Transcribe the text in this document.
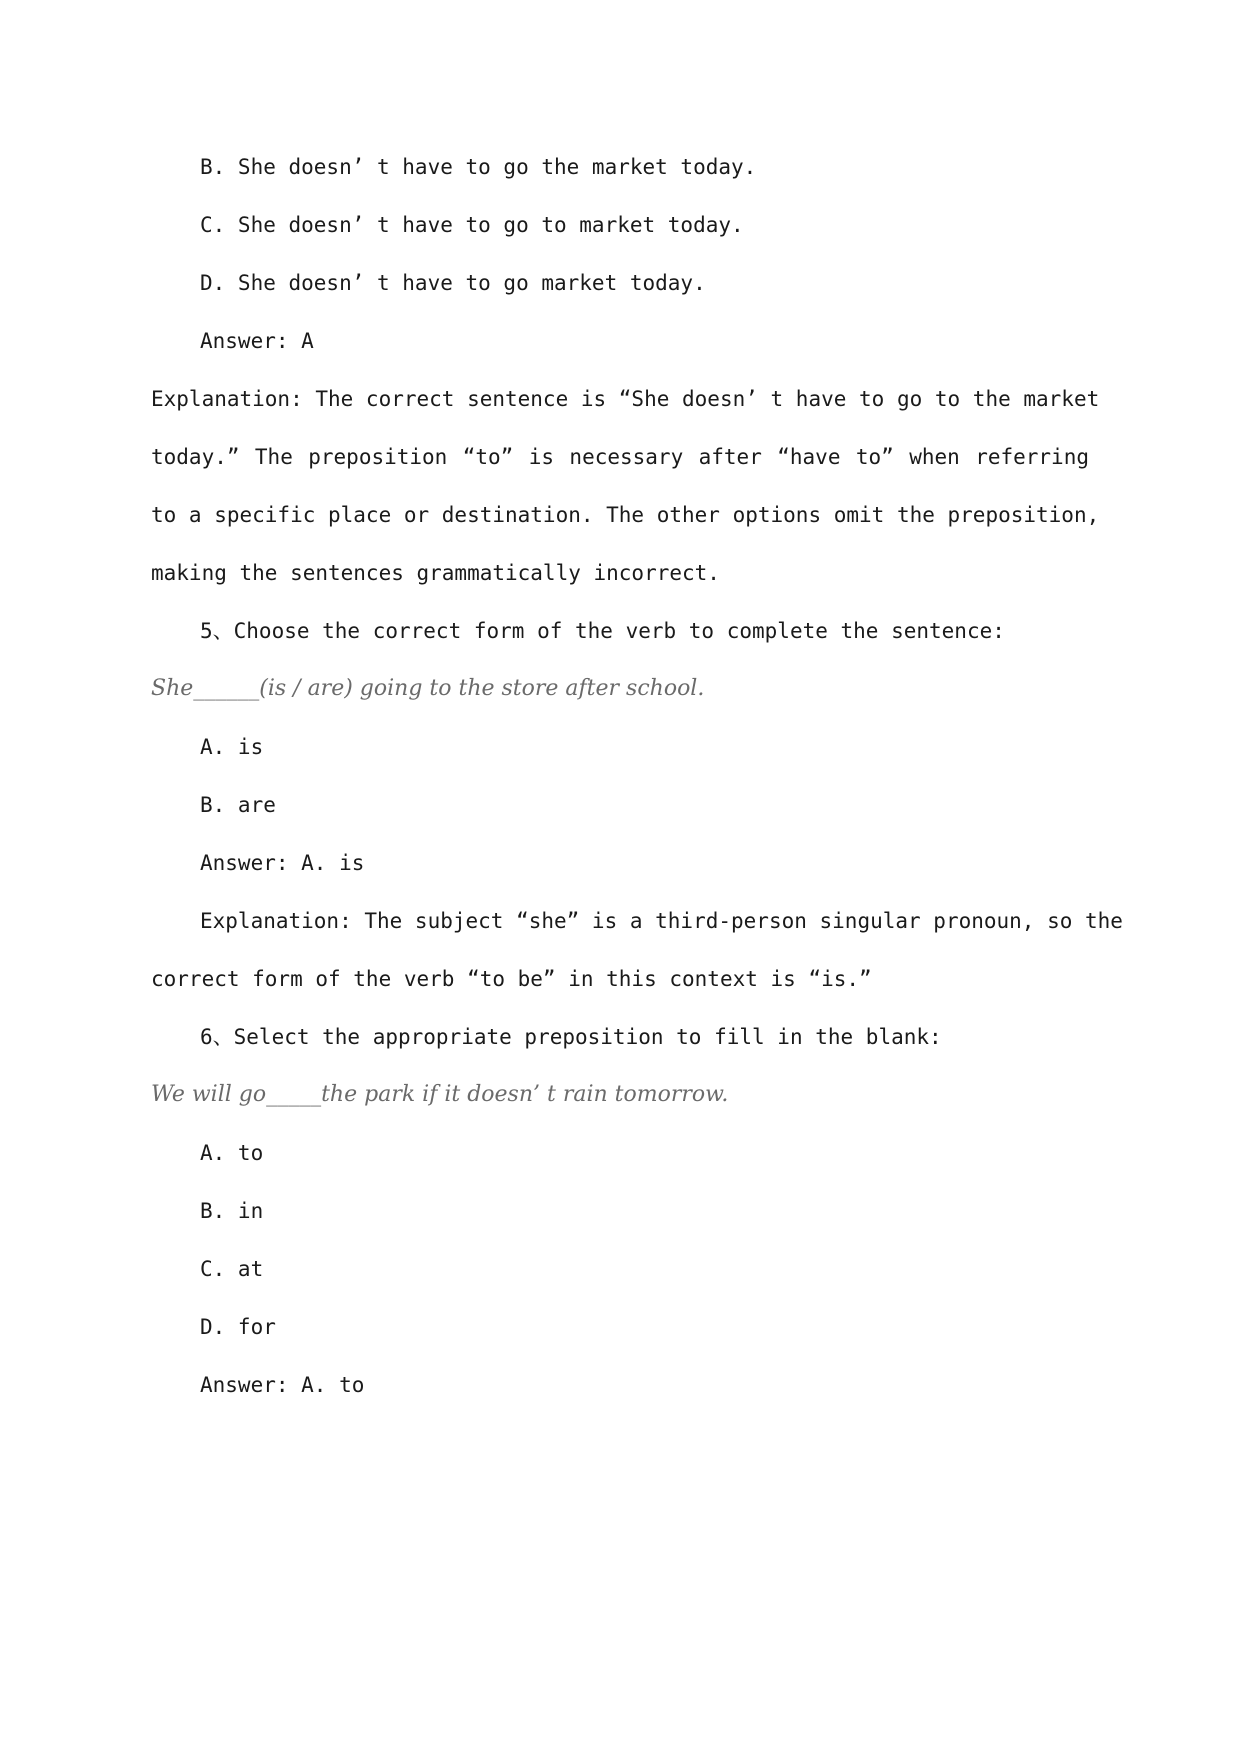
B. She doesn’ t have to go the market today.
C. She doesn’ t have to go to market today.
D. She doesn’ t have to go market today.
Answer: A
Explanation: The correct sentence is “She doesn’ t have to go to the market
today.” The preposition “to” is necessary after “have to” when referring
to a specific place or destination. The other options omit the preposition,
making the sentences grammatically incorrect.
5、Choose the correct form of the verb to complete the sentence:
She______(is / are) going to the store after school.
A. is
B. are
Answer: A. is
Explanation: The subject “she” is a third-person singular pronoun, so the
correct form of the verb “to be” in this context is “is.”
6、Select the appropriate preposition to fill in the blank:
We will go_____the park if it doesn’ t rain tomorrow.
A. to
B. in
C. at
D. for
Answer: A. to
